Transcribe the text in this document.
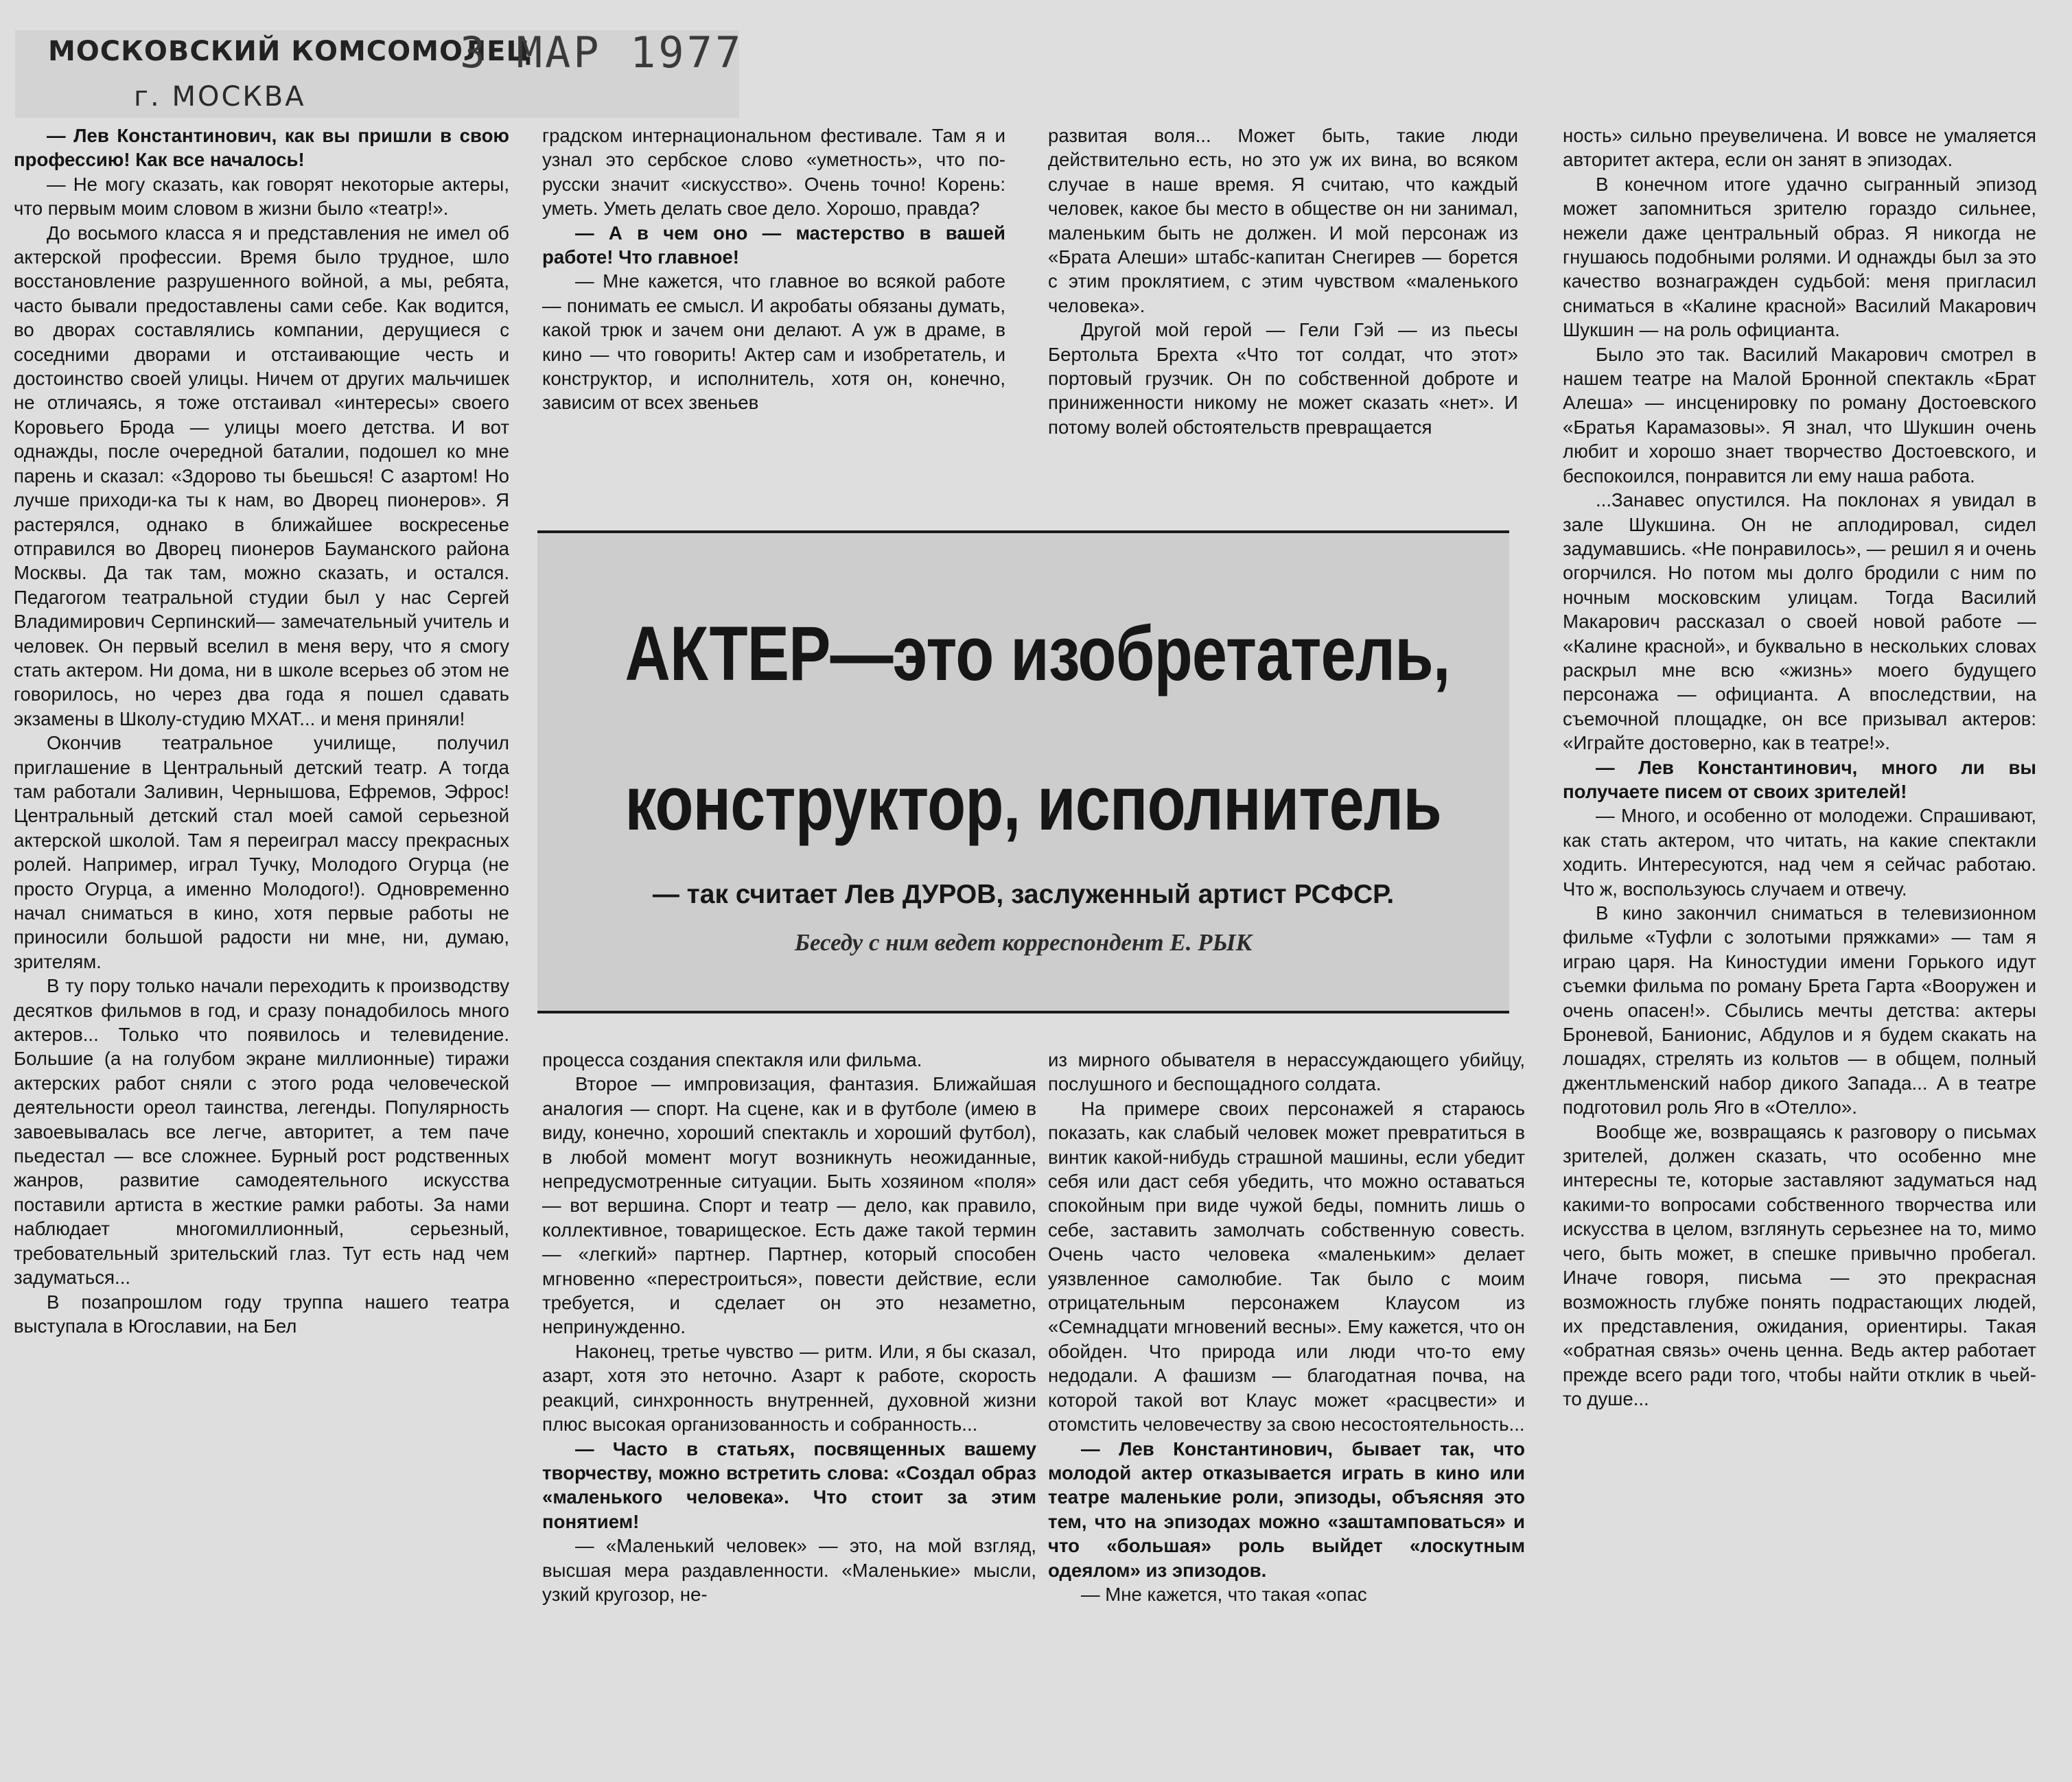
МОСКОВСКИЙ КОМСОМОЛЕЦ
3 МАР 1977
г. МОСКВА

— Лев Константинович, как вы пришли в свою профессию! Как все началось!

— Не могу сказать, как говорят некоторые актеры, что первым моим словом в жизни было «театр!».

До восьмого класса я и представления не имел об актерской профессии. Время было трудное, шло восстановление разрушенного войной, а мы, ребята, часто бывали предоставлены сами себе. Как водится, во дворах составлялись компании, дерущиеся с соседними дворами и отстаивающие честь и достоинство своей улицы. Ничем от других мальчишек не отличаясь, я тоже отстаивал «интересы» своего Коровьего Брода — улицы моего детства. И вот однажды, после очередной баталии, подошел ко мне парень и сказал: «Здорово ты бьешься! С азартом! Но лучше приходи-ка ты к нам, во Дворец пионеров». Я растерялся, однако в ближайшее воскресенье отправился во Дворец пионеров Бауманского района Москвы. Да так там, можно сказать, и остался. Педагогом театральной студии был у нас Сергей Владимирович Серпинский— замечательный учитель и человек. Он первый вселил в меня веру, что я смогу стать актером. Ни дома, ни в школе всерьез об этом не говорилось, но через два года я пошел сдавать экзамены в Школу-студию МХАТ... и меня приняли!

Окончив театральное училище, получил приглашение в Центральный детский театр. А тогда там работали Заливин, Чернышова, Ефремов, Эфрос! Центральный детский стал моей самой серьезной актерской школой. Там я переиграл массу прекрасных ролей. Например, играл Тучку, Молодого Огурца (не просто Огурца, а именно Молодого!). Одновременно начал сниматься в кино, хотя первые работы не приносили большой радости ни мне, ни, думаю, зрителям.

В ту пору только начали переходить к производству десятков фильмов в год, и сразу понадобилось много актеров... Только что появилось и телевидение. Большие (а на голубом экране миллионные) тиражи актерских работ сняли с этого рода человеческой деятельности ореол таинства, легенды. Популярность завоевывалась все легче, авторитет, а тем паче пьедестал — все сложнее. Бурный рост родственных жанров, развитие самодеятельного искусства поставили артиста в жесткие рамки работы. За нами наблюдает многомиллионный, серьезный, требовательный зрительский глаз. Тут есть над чем задуматься...

В позапрошлом году труппа нашего театра выступала в Югославии, на Бел

градском интернациональном фестивале. Там я и узнал это сербское слово «уметность», что по-русски значит «искусство». Очень точно! Корень: уметь. Уметь делать свое дело. Хорошо, правда?

— А в чем оно — мастерство в вашей работе! Что главное!

— Мне кажется, что главное во всякой работе — понимать ее смысл. И акробаты обязаны думать, какой трюк и зачем они делают. А уж в драме, в кино — что говорить! Актер сам и изобретатель, и конструктор, и исполнитель, хотя он, конечно, зависим от всех звеньев

развитая воля... Может быть, такие люди действительно есть, но это уж их вина, во всяком случае в наше время. Я считаю, что каждый человек, какое бы место в обществе он ни занимал, маленьким быть не должен. И мой персонаж из «Брата Алеши» штабс-капитан Снегирев — борется с этим проклятием, с этим чувством «маленького человека».

Другой мой герой — Гели Гэй — из пьесы Бертольта Брехта «Что тот солдат, что этот» портовый грузчик. Он по собственной доброте и приниженности никому не может сказать «нет». И потому волей обстоятельств превращается

ность» сильно преувеличена. И вовсе не умаляется авторитет актера, если он занят в эпизодах.

В конечном итоге удачно сыгранный эпизод может запомниться зрителю гораздо сильнее, нежели даже центральный образ. Я никогда не гнушаюсь подобными ролями. И однажды был за это качество вознагражден судьбой: меня пригласил сниматься в «Калине красной» Василий Макарович Шукшин — на роль официанта.

Было это так. Василий Макарович смотрел в нашем театре на Малой Бронной спектакль «Брат Алеша» — инсценировку по роману Достоевского «Братья Карамазовы». Я знал, что Шукшин очень любит и хорошо знает творчество Достоевского, и беспокоился, понравится ли ему наша работа.

...Занавес опустился. На поклонах я увидал в зале Шукшина. Он не аплодировал, сидел задумавшись. «Не понравилось», — решил я и очень огорчился. Но потом мы долго бродили с ним по ночным московским улицам. Тогда Василий Макарович рассказал о своей новой работе — «Калине красной», и буквально в нескольких словах раскрыл мне всю «жизнь» моего будущего персонажа — официанта. А впоследствии, на съемочной площадке, он все призывал актеров: «Играйте достоверно, как в театре!».

— Лев Константинович, много ли вы получаете писем от своих зрителей!

— Много, и особенно от молодежи. Спрашивают, как стать актером, что читать, на какие спектакли ходить. Интересуются, над чем я сейчас работаю. Что ж, воспользуюсь случаем и отвечу.

В кино закончил сниматься в телевизионном фильме «Туфли с золотыми пряжками» — там я играю царя. На Киностудии имени Горького идут съемки фильма по роману Брета Гарта «Вооружен и очень опасен!». Сбылись мечты детства: актеры Броневой, Банионис, Абдулов и я будем скакать на лошадях, стрелять из кольтов — в общем, полный джентльменский набор дикого Запада... А в театре подготовил роль Яго в «Отелло».

Вообще же, возвращаясь к разговору о письмах зрителей, должен сказать, что особенно мне интересны те, которые заставляют задуматься над какими-то вопросами собственного творчества или искусства в целом, взглянуть серьезнее на то, мимо чего, быть может, в спешке привычно пробегал. Иначе говоря, письма — это прекрасная возможность глубже понять подрастающих людей, их представления, ожидания, ориентиры. Такая «обратная связь» очень ценна. Ведь актер работает прежде всего ради того, чтобы найти отклик в чьей-то душе...

АКТЕР—это изобретатель,
конструктор, исполнитель
— так считает Лев ДУРОВ, заслуженный артист РСФСР.
Беседу с ним ведет корреспондент Е. РЫК

процесса создания спектакля или фильма.

Второе — импровизация, фантазия. Ближайшая аналогия — спорт. На сцене, как и в футболе (имею в виду, конечно, хороший спектакль и хороший футбол), в любой момент могут возникнуть неожиданные, непредусмотренные ситуации. Быть хозяином «поля» — вот вершина. Спорт и театр — дело, как правило, коллективное, товарищеское. Есть даже такой термин — «легкий» партнер. Партнер, который способен мгновенно «перестроиться», повести действие, если требуется, и сделает он это незаметно, непринужденно.

Наконец, третье чувство — ритм. Или, я бы сказал, азарт, хотя это неточно. Азарт к работе, скорость реакций, синхронность внутренней, духовной жизни плюс высокая организованность и собранность...

— Часто в статьях, посвященных вашему творчеству, можно встретить слова: «Создал образ «маленького человека». Что стоит за этим понятием!

— «Маленький человек» — это, на мой взгляд, высшая мера раздавленности. «Маленькие» мысли, узкий кругозор, не-

из мирного обывателя в нерассуждающего убийцу, послушного и беспощадного солдата.

На примере своих персонажей я стараюсь показать, как слабый человек может превратиться в винтик какой-нибудь страшной машины, если убедит себя или даст себя убедить, что можно оставаться спокойным при виде чужой беды, помнить лишь о себе, заставить замолчать собственную совесть. Очень часто человека «маленьким» делает уязвленное самолюбие. Так было с моим отрицательным персонажем Клаусом из «Семнадцати мгновений весны». Ему кажется, что он обойден. Что природа или люди что-то ему недодали. А фашизм — благодатная почва, на которой такой вот Клаус может «расцвести» и отомстить человечеству за свою несостоятельность...

— Лев Константинович, бывает так, что молодой актер отказывается играть в кино или театре маленькие роли, эпизоды, объясняя это тем, что на эпизодах можно «заштамповаться» и что «большая» роль выйдет «лоскутным одеялом» из эпизодов.

— Мне кажется, что такая «опас
